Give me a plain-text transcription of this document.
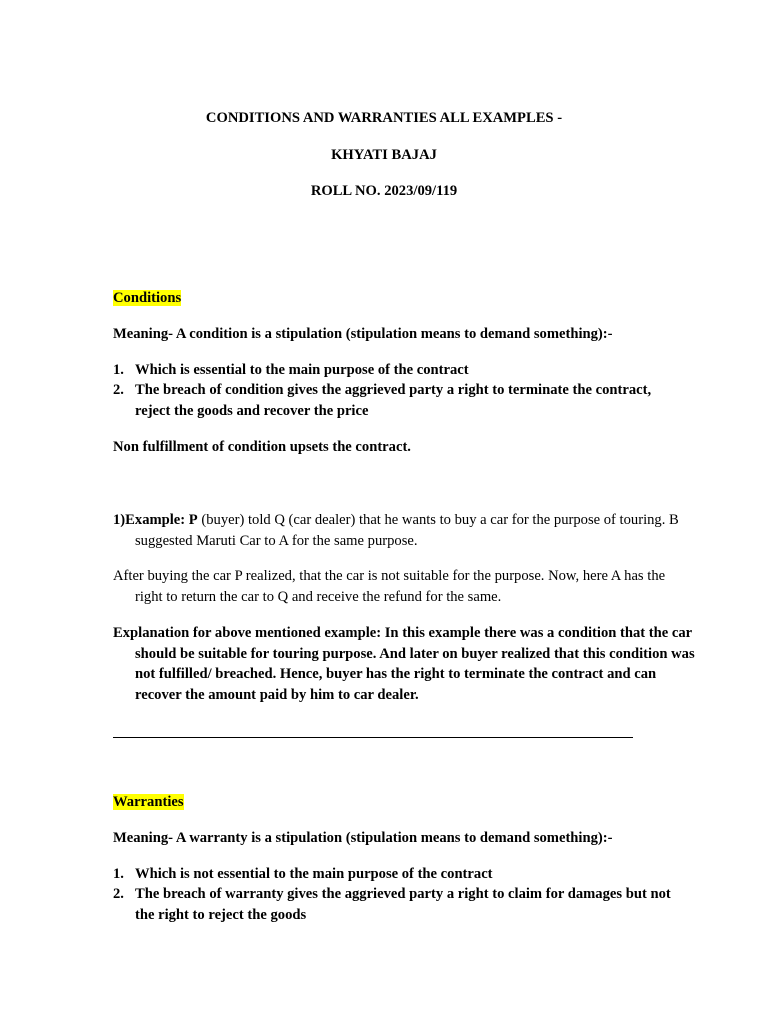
CONDITIONS AND WARRANTIES ALL EXAMPLES -
KHYATI BAJAJ
ROLL NO. 2023/09/119
Conditions
Meaning- A condition is a stipulation (stipulation means to demand something):-
1. Which is essential to the main purpose of the contract
2. The breach of condition gives the aggrieved party a right to terminate the contract, reject the goods and recover the price
Non fulfillment of condition upsets the contract.
1)Example: P (buyer) told Q (car dealer) that he wants to buy a car for the purpose of touring. B suggested Maruti Car to A for the same purpose.
After buying the car P realized, that the car is not suitable for the purpose. Now, here A has the right to return the car to Q and receive the refund for the same.
Explanation for above mentioned example: In this example there was a condition that the car should be suitable for touring purpose. And later on buyer realized that this condition was not fulfilled/ breached. Hence, buyer has the right to terminate the contract and can recover the amount paid by him to car dealer.
Warranties
Meaning- A warranty is a stipulation (stipulation means to demand something):-
1. Which is not essential to the main purpose of the contract
2. The breach of warranty gives the aggrieved party a right to claim for damages but not the right to reject the goods
